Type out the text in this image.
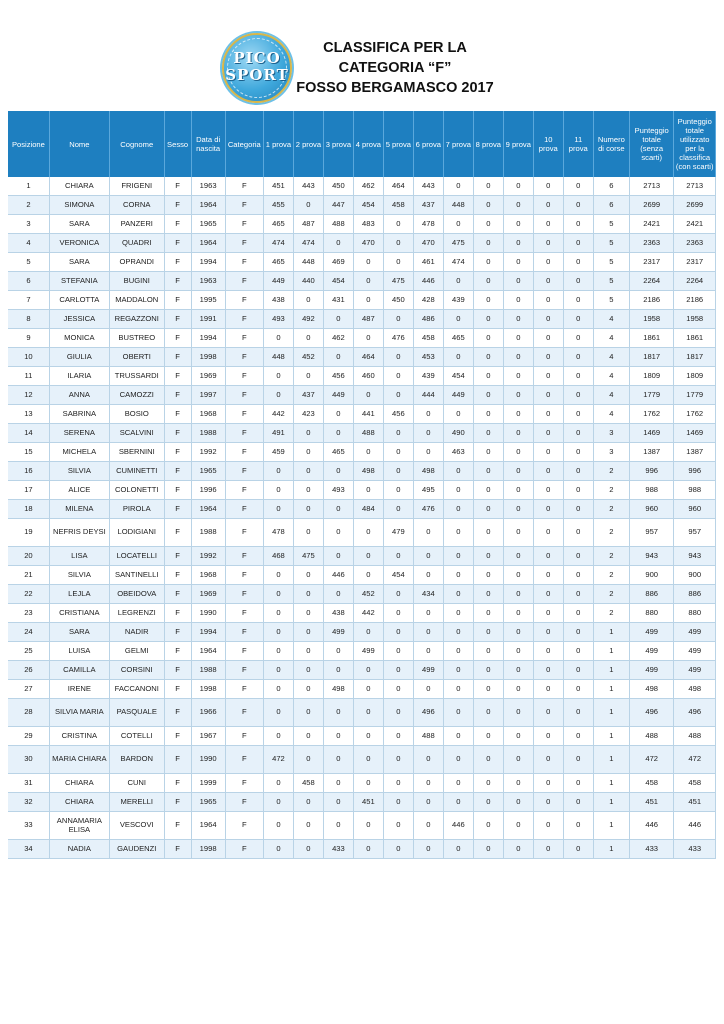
PICO
SPORT
CLASSIFICA PER LA
CATEGORIA “F”
FOSSO BERGAMASCO 2017
Posizione	Nome	Cognome	Sesso	Data di nascita	Categoria	1 prova	2 prova	3 prova	4 prova	5 prova	6 prova	7 prova	8 prova	9 prova	10 prova	11 prova	Numero di corse	Punteggio totale (senza scarti)	Punteggio totale utilizzato per la classifica (con scarti)
1	CHIARA	FRIGENI	F	1963	F	451	443	450	462	464	443	0	0	0	0	0	6	2713	2713
2	SIMONA	CORNA	F	1964	F	455	0	447	454	458	437	448	0	0	0	0	6	2699	2699
3	SARA	PANZERI	F	1965	F	465	487	488	483	0	478	0	0	0	0	0	5	2421	2421
4	VERONICA	QUADRI	F	1964	F	474	474	0	470	0	470	475	0	0	0	0	5	2363	2363
5	SARA	OPRANDI	F	1994	F	465	448	469	0	0	461	474	0	0	0	0	5	2317	2317
6	STEFANIA	BUGINI	F	1963	F	449	440	454	0	475	446	0	0	0	0	0	5	2264	2264
7	CARLOTTA	MADDALON	F	1995	F	438	0	431	0	450	428	439	0	0	0	0	5	2186	2186
8	JESSICA	REGAZZONI	F	1991	F	493	492	0	487	0	486	0	0	0	0	0	4	1958	1958
9	MONICA	BUSTREO	F	1994	F	0	0	462	0	476	458	465	0	0	0	0	4	1861	1861
10	GIULIA	OBERTI	F	1998	F	448	452	0	464	0	453	0	0	0	0	0	4	1817	1817
11	ILARIA	TRUSSARDI	F	1969	F	0	0	456	460	0	439	454	0	0	0	0	4	1809	1809
12	ANNA	CAMOZZI	F	1997	F	0	437	449	0	0	444	449	0	0	0	0	4	1779	1779
13	SABRINA	BOSIO	F	1968	F	442	423	0	441	456	0	0	0	0	0	0	4	1762	1762
14	SERENA	SCALVINI	F	1988	F	491	0	0	488	0	0	490	0	0	0	0	3	1469	1469
15	MICHELA	SBERNINI	F	1992	F	459	0	465	0	0	0	463	0	0	0	0	3	1387	1387
16	SILVIA	CUMINETTI	F	1965	F	0	0	0	498	0	498	0	0	0	0	0	2	996	996
17	ALICE	COLONETTI	F	1996	F	0	0	493	0	0	495	0	0	0	0	0	2	988	988
18	MILENA	PIROLA	F	1964	F	0	0	0	484	0	476	0	0	0	0	0	2	960	960
19	NEFRIS DEYSI	LODIGIANI	F	1988	F	478	0	0	0	479	0	0	0	0	0	0	2	957	957
20	LISA	LOCATELLI	F	1992	F	468	475	0	0	0	0	0	0	0	0	0	2	943	943
21	SILVIA	SANTINELLI	F	1968	F	0	0	446	0	454	0	0	0	0	0	0	2	900	900
22	LEJLA	OBEIDOVA	F	1969	F	0	0	0	452	0	434	0	0	0	0	0	2	886	886
23	CRISTIANA	LEGRENZI	F	1990	F	0	0	438	442	0	0	0	0	0	0	0	2	880	880
24	SARA	NADIR	F	1994	F	0	0	499	0	0	0	0	0	0	0	0	1	499	499
25	LUISA	GELMI	F	1964	F	0	0	0	499	0	0	0	0	0	0	0	1	499	499
26	CAMILLA	CORSINI	F	1988	F	0	0	0	0	0	499	0	0	0	0	0	1	499	499
27	IRENE	FACCANONI	F	1998	F	0	0	498	0	0	0	0	0	0	0	0	1	498	498
28	SILVIA MARIA	PASQUALE	F	1966	F	0	0	0	0	0	496	0	0	0	0	0	1	496	496
29	CRISTINA	COTELLI	F	1967	F	0	0	0	0	0	488	0	0	0	0	0	1	488	488
30	MARIA CHIARA	BARDON	F	1990	F	472	0	0	0	0	0	0	0	0	0	0	1	472	472
31	CHIARA	CUNI	F	1999	F	0	458	0	0	0	0	0	0	0	0	0	1	458	458
32	CHIARA	MERELLI	F	1965	F	0	0	0	451	0	0	0	0	0	0	0	1	451	451
33	ANNAMARIA ELISA	VESCOVI	F	1964	F	0	0	0	0	0	0	446	0	0	0	0	1	446	446
34	NADIA	GAUDENZI	F	1998	F	0	0	433	0	0	0	0	0	0	0	0	1	433	433
